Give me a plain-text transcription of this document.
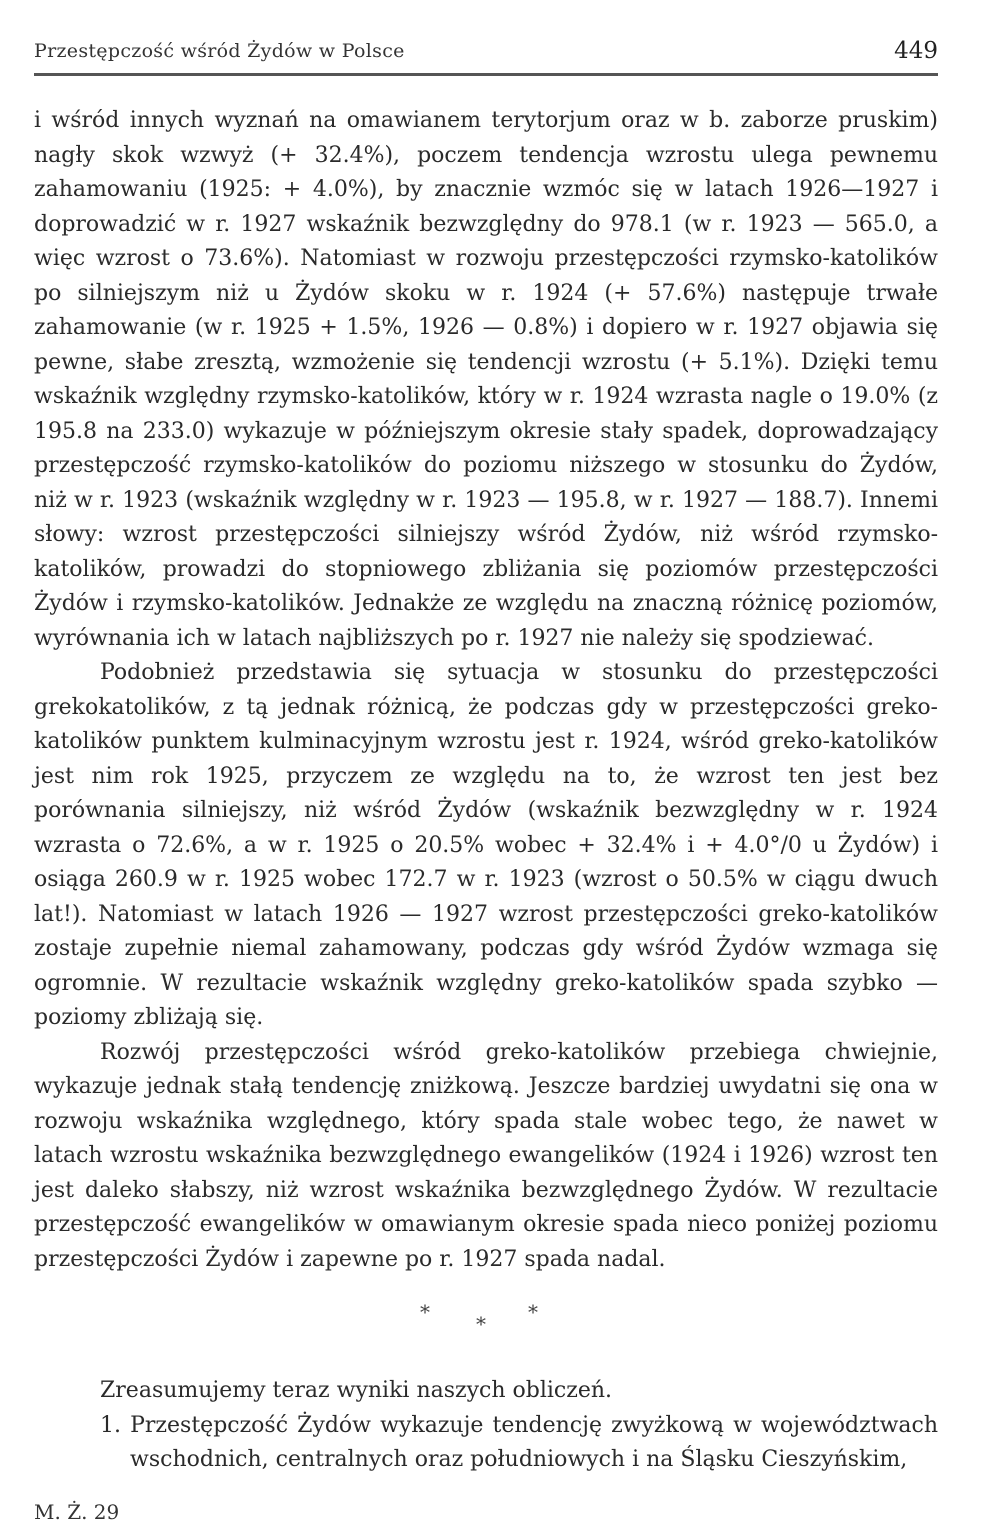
Przestępczość wśród Żydów w Polsce	449

i wśród innych wyznań na omawianem terytorjum oraz w b. zaborze pruskim) nagły skok wzwyż (+ 32.4%), poczem tendencja wzrostu ulega pewnemu zahamowaniu (1925: + 4.0%), by znacznie wzmóc się w latach 1926—1927 i doprowadzić w r. 1927 wskaźnik bezwzględny do 978.1 (w r. 1923 — 565.0, a więc wzrost o 73.6%). Natomiast w rozwoju przestępczości rzymsko-katolików po silniejszym niż u Żydów skoku w r. 1924 (+ 57.6%) następuje trwałe zahamowanie (w r. 1925 + 1.5%, 1926 — 0.8%) i dopiero w r. 1927 objawia się pewne, słabe zresztą, wzmożenie się tendencji wzrostu (+ 5.1%). Dzięki temu wskaźnik względny rzymsko-katolików, który w r. 1924 wzrasta nagle o 19.0% (z 195.8 na 233.0) wykazuje w późniejszym okresie stały spadek, doprowadzający przestępczość rzymsko-katolików do poziomu niższego w stosunku do Żydów, niż w r. 1923 (wskaźnik względny w r. 1923 — 195.8, w r. 1927 — 188.7). Innemi słowy: wzrost przestępczości silniejszy wśród Żydów, niż wśród rzymsko-katolików, prowadzi do stopniowego zbliżania się poziomów przestępczości Żydów i rzymsko-katolików. Jednakże ze względu na znaczną różnicę poziomów, wyrównania ich w latach najbliższych po r. 1927 nie należy się spodziewać.

Podobnież przedstawia się sytuacja w stosunku do przestępczości grekokatolików, z tą jednak różnicą, że podczas gdy w przestępczości greko-katolików punktem kulminacyjnym wzrostu jest r. 1924, wśród greko-katolików jest nim rok 1925, przyczem ze względu na to, że wzrost ten jest bez porównania silniejszy, niż wśród Żydów (wskaźnik bezwzględny w r. 1924 wzrasta o 72.6%, a w r. 1925 o 20.5% wobec + 32.4% i + 4.0°/0 u Żydów) i osiąga 260.9 w r. 1925 wobec 172.7 w r. 1923 (wzrost o 50.5% w ciągu dwuch lat!). Natomiast w latach 1926 — 1927 wzrost przestępczości greko-katolików zostaje zupełnie niemal zahamowany, podczas gdy wśród Żydów wzmaga się ogromnie. W rezultacie wskaźnik względny greko-katolików spada szybko — poziomy zbliżają się.

Rozwój przestępczości wśród greko-katolików przebiega chwiejnie, wykazuje jednak stałą tendencję zniżkową. Jeszcze bardziej uwydatni się ona w rozwoju wskaźnika względnego, który spada stale wobec tego, że nawet w latach wzrostu wskaźnika bezwzględnego ewangelików (1924 i 1926) wzrost ten jest daleko słabszy, niż wzrost wskaźnika bezwzględnego Żydów. W rezultacie przestępczość ewangelików w omawianym okresie spada nieco poniżej poziomu przestępczości Żydów i zapewne po r. 1927 spada nadal.

* * *

Zreasumujemy teraz wyniki naszych obliczeń.

1. Przestępczość Żydów wykazuje tendencję zwyżkową w województwach wschodnich, centralnych oraz południowych i na Śląsku Cieszyńskim,

M. Ż. 29
